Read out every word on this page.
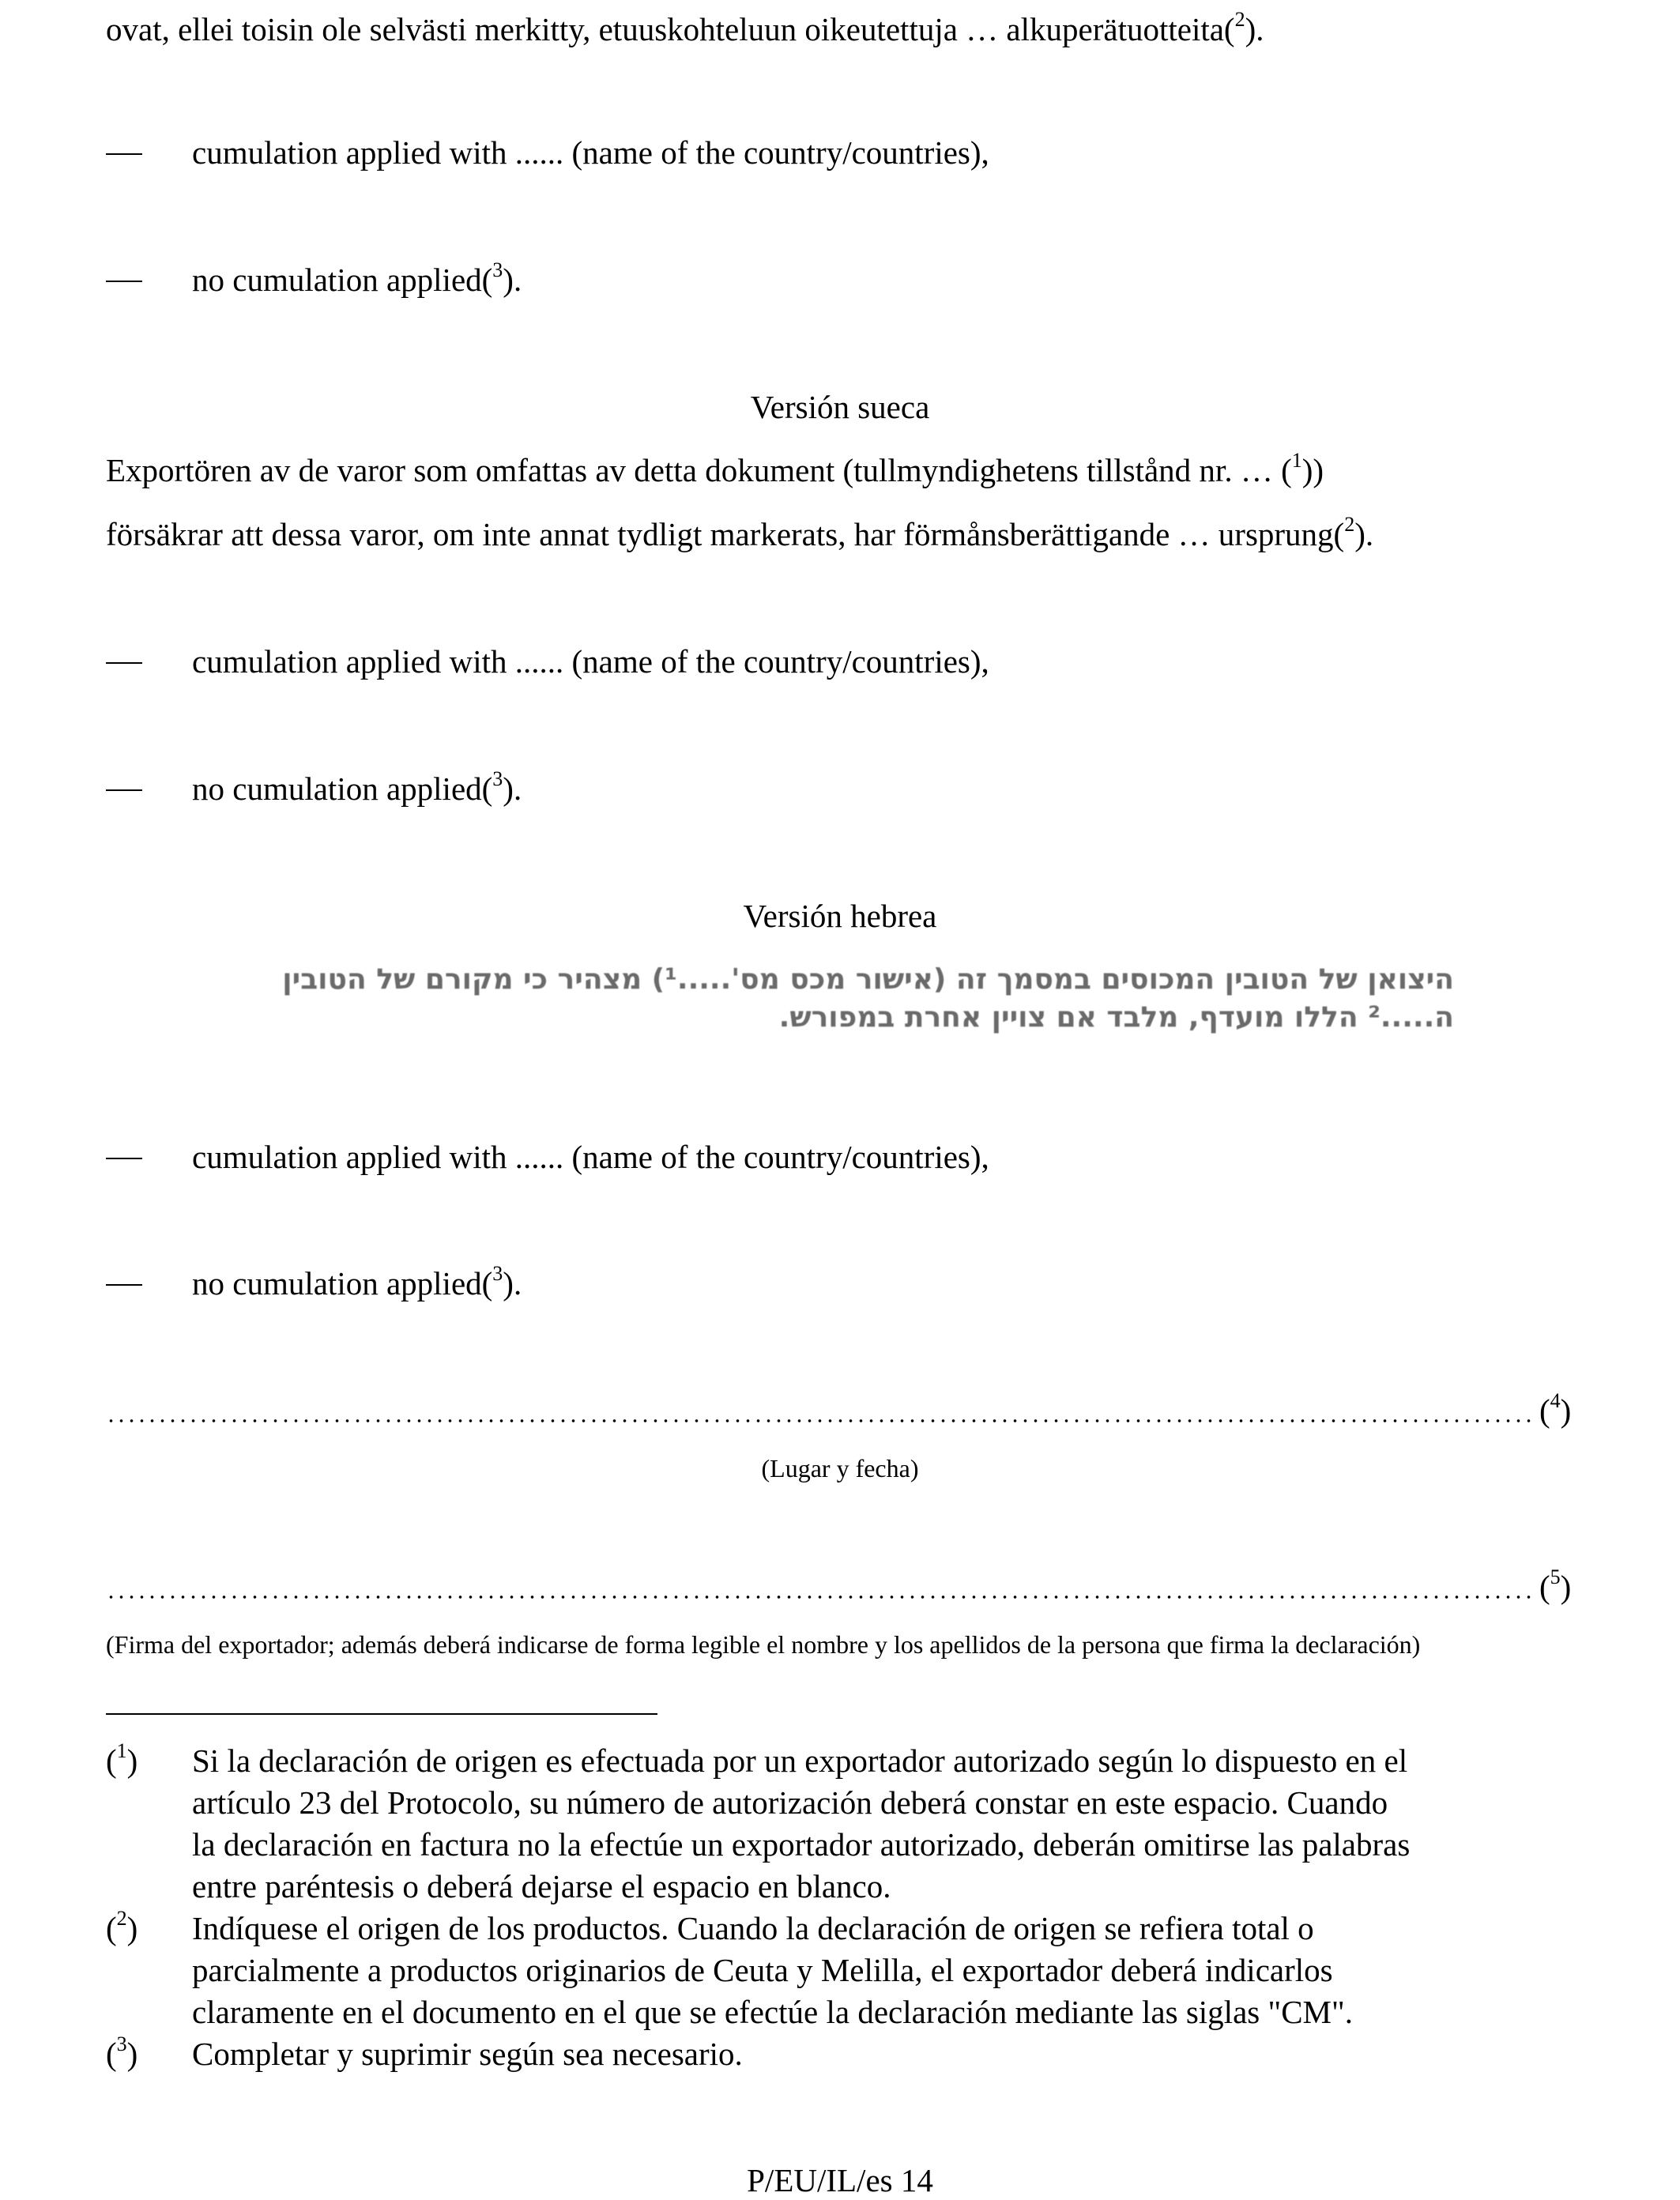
ovat, ellei toisin ole selvästi merkitty, etuuskohteluun oikeutettuja … alkuperätuotteita($^2$).
cumulation applied with ...... (name of the country/countries),
no cumulation applied($^3$).
Versión sueca
Exportören av de varor som omfattas av detta dokument (tullmyndighetens tillstånd nr. … ($^1$))
försäkrar att dessa varor, om inte annat tydligt markerats, har förmånsberättigande … ursprung($^2$).
cumulation applied with ...... (name of the country/countries),
no cumulation applied($^3$).
Versión hebrea
היצואן של הטובין המכוסים במסמך זה (אישור מכס מס'.....¹) מצהיר כי מקורם של הטובין
ה.....² הללו מועדף, מלבד אם צויין אחרת במפורש.
cumulation applied with ...... (name of the country/countries),
no cumulation applied($^3$).
($^4$)
(Lugar y fecha)
($^5$)
(Firma del exportador; además deberá indicarse de forma legible el nombre y los apellidos de la persona que firma la declaración)
($^1$) Si la declaración de origen es efectuada por un exportador autorizado según lo dispuesto en el
artículo 23 del Protocolo, su número de autorización deberá constar en este espacio. Cuando
la declaración en factura no la efectúe un exportador autorizado, deberán omitirse las palabras
entre paréntesis o deberá dejarse el espacio en blanco.
($^2$) Indíquese el origen de los productos. Cuando la declaración de origen se refiera total o
parcialmente a productos originarios de Ceuta y Melilla, el exportador deberá indicarlos
claramente en el documento en el que se efectúe la declaración mediante las siglas "CM".
($^3$) Completar y suprimir según sea necesario.
P/EU/IL/es 14
